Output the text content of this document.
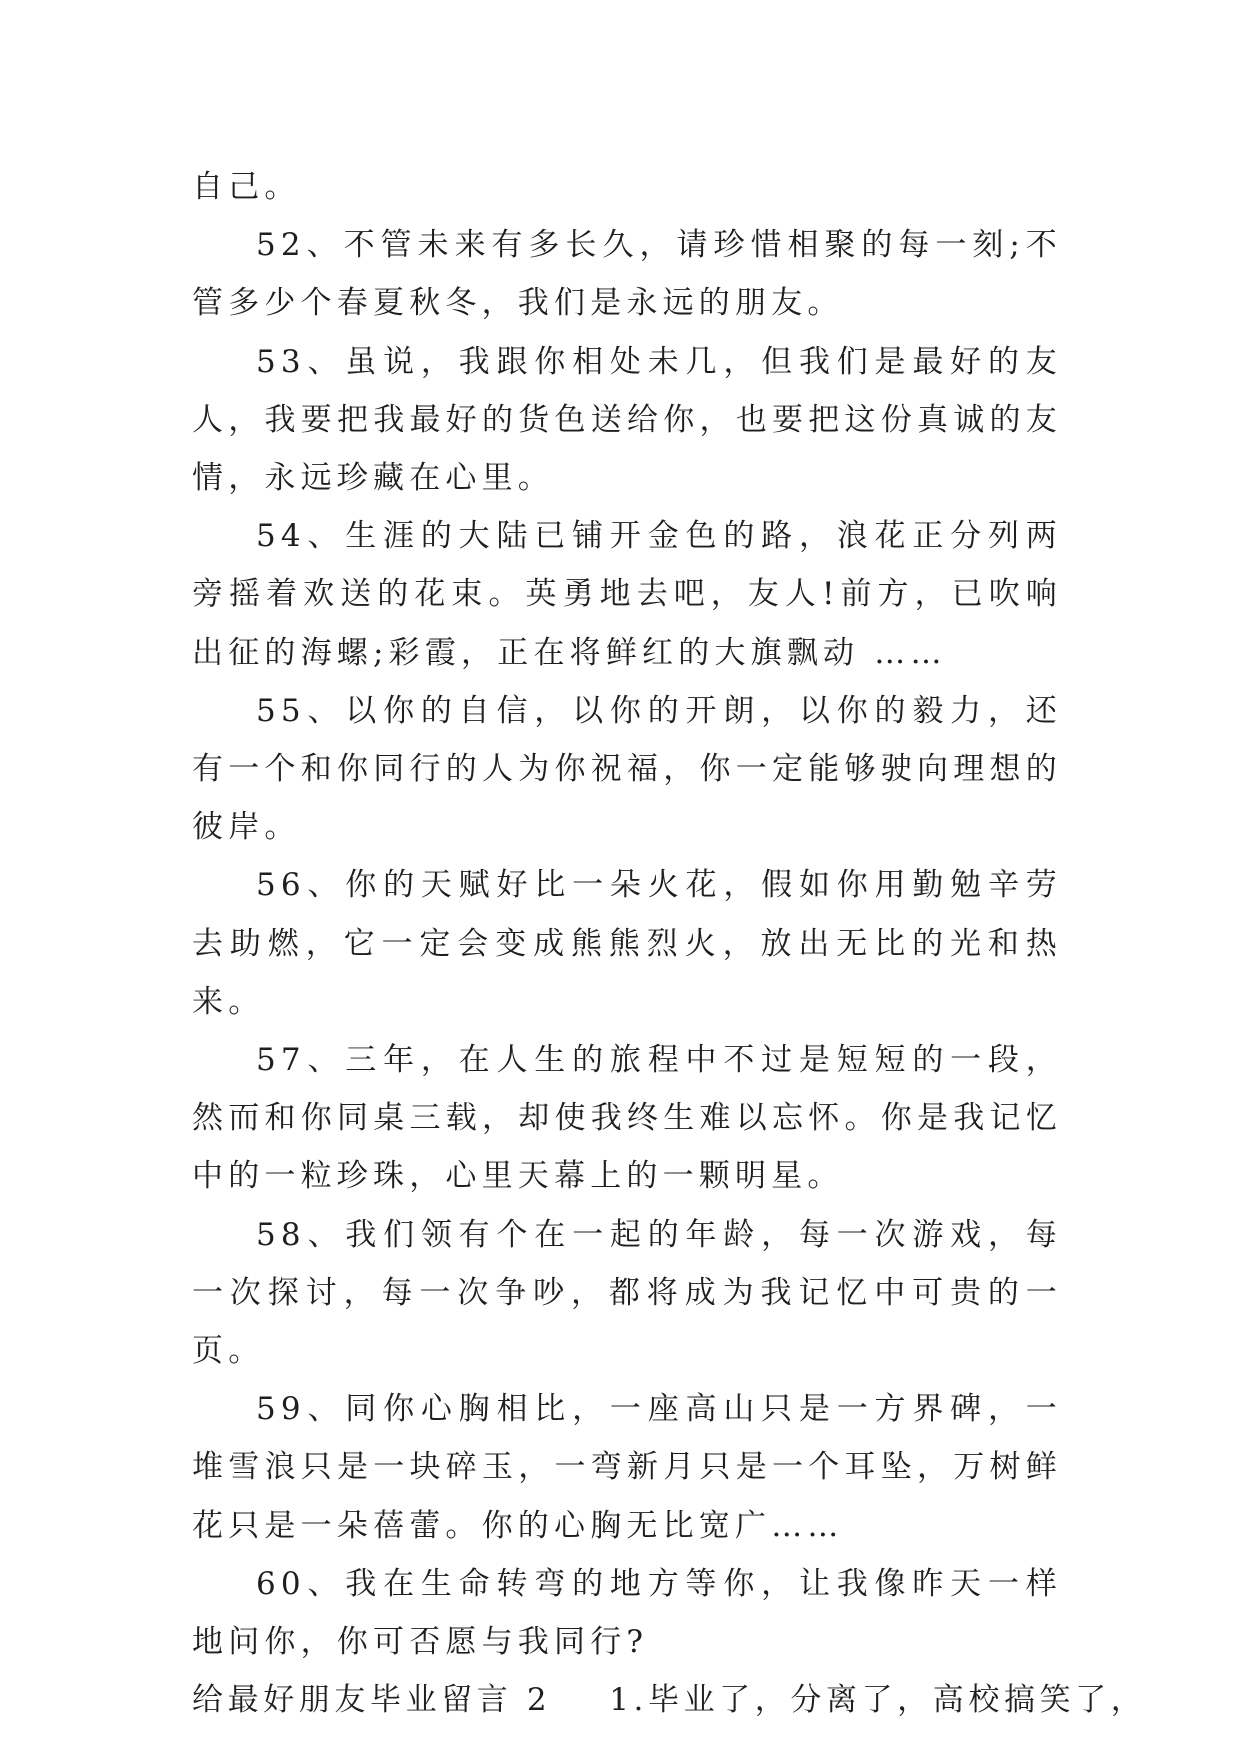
自己。

52、不管未来有多长久，请珍惜相聚的每一刻;不管多少个春夏秋冬，我们是永远的朋友。

53、虽说，我跟你相处未几，但我们是最好的友人，我要把我最好的货色送给你，也要把这份真诚的友情，永远珍藏在心里。

54、生涯的大陆已铺开金色的路，浪花正分列两旁摇着欢送的花束。英勇地去吧，友人!前方，已吹响出征的海螺;彩霞，正在将鲜红的大旗飘动 ……

55、以你的自信，以你的开朗，以你的毅力，还有一个和你同行的人为你祝福，你一定能够驶向理想的彼岸。

56、你的天赋好比一朵火花，假如你用勤勉辛劳去助燃，它一定会变成熊熊烈火，放出无比的光和热来。

57、三年，在人生的旅程中不过是短短的一段，然而和你同桌三载，却使我终生难以忘怀。你是我记忆中的一粒珍珠，心里天幕上的一颗明星。

58、我们领有个在一起的年龄，每一次游戏，每一次探讨，每一次争吵，都将成为我记忆中可贵的一页。

59、同你心胸相比，一座高山只是一方界碑，一堆雪浪只是一块碎玉，一弯新月只是一个耳坠，万树鲜花只是一朵蓓蕾。你的心胸无比宽广……

60、我在生命转弯的地方等你，让我像昨天一样地问你，你可否愿与我同行?

给最好朋友毕业留言 2 1.毕业了，分离了，高校搞笑了，
